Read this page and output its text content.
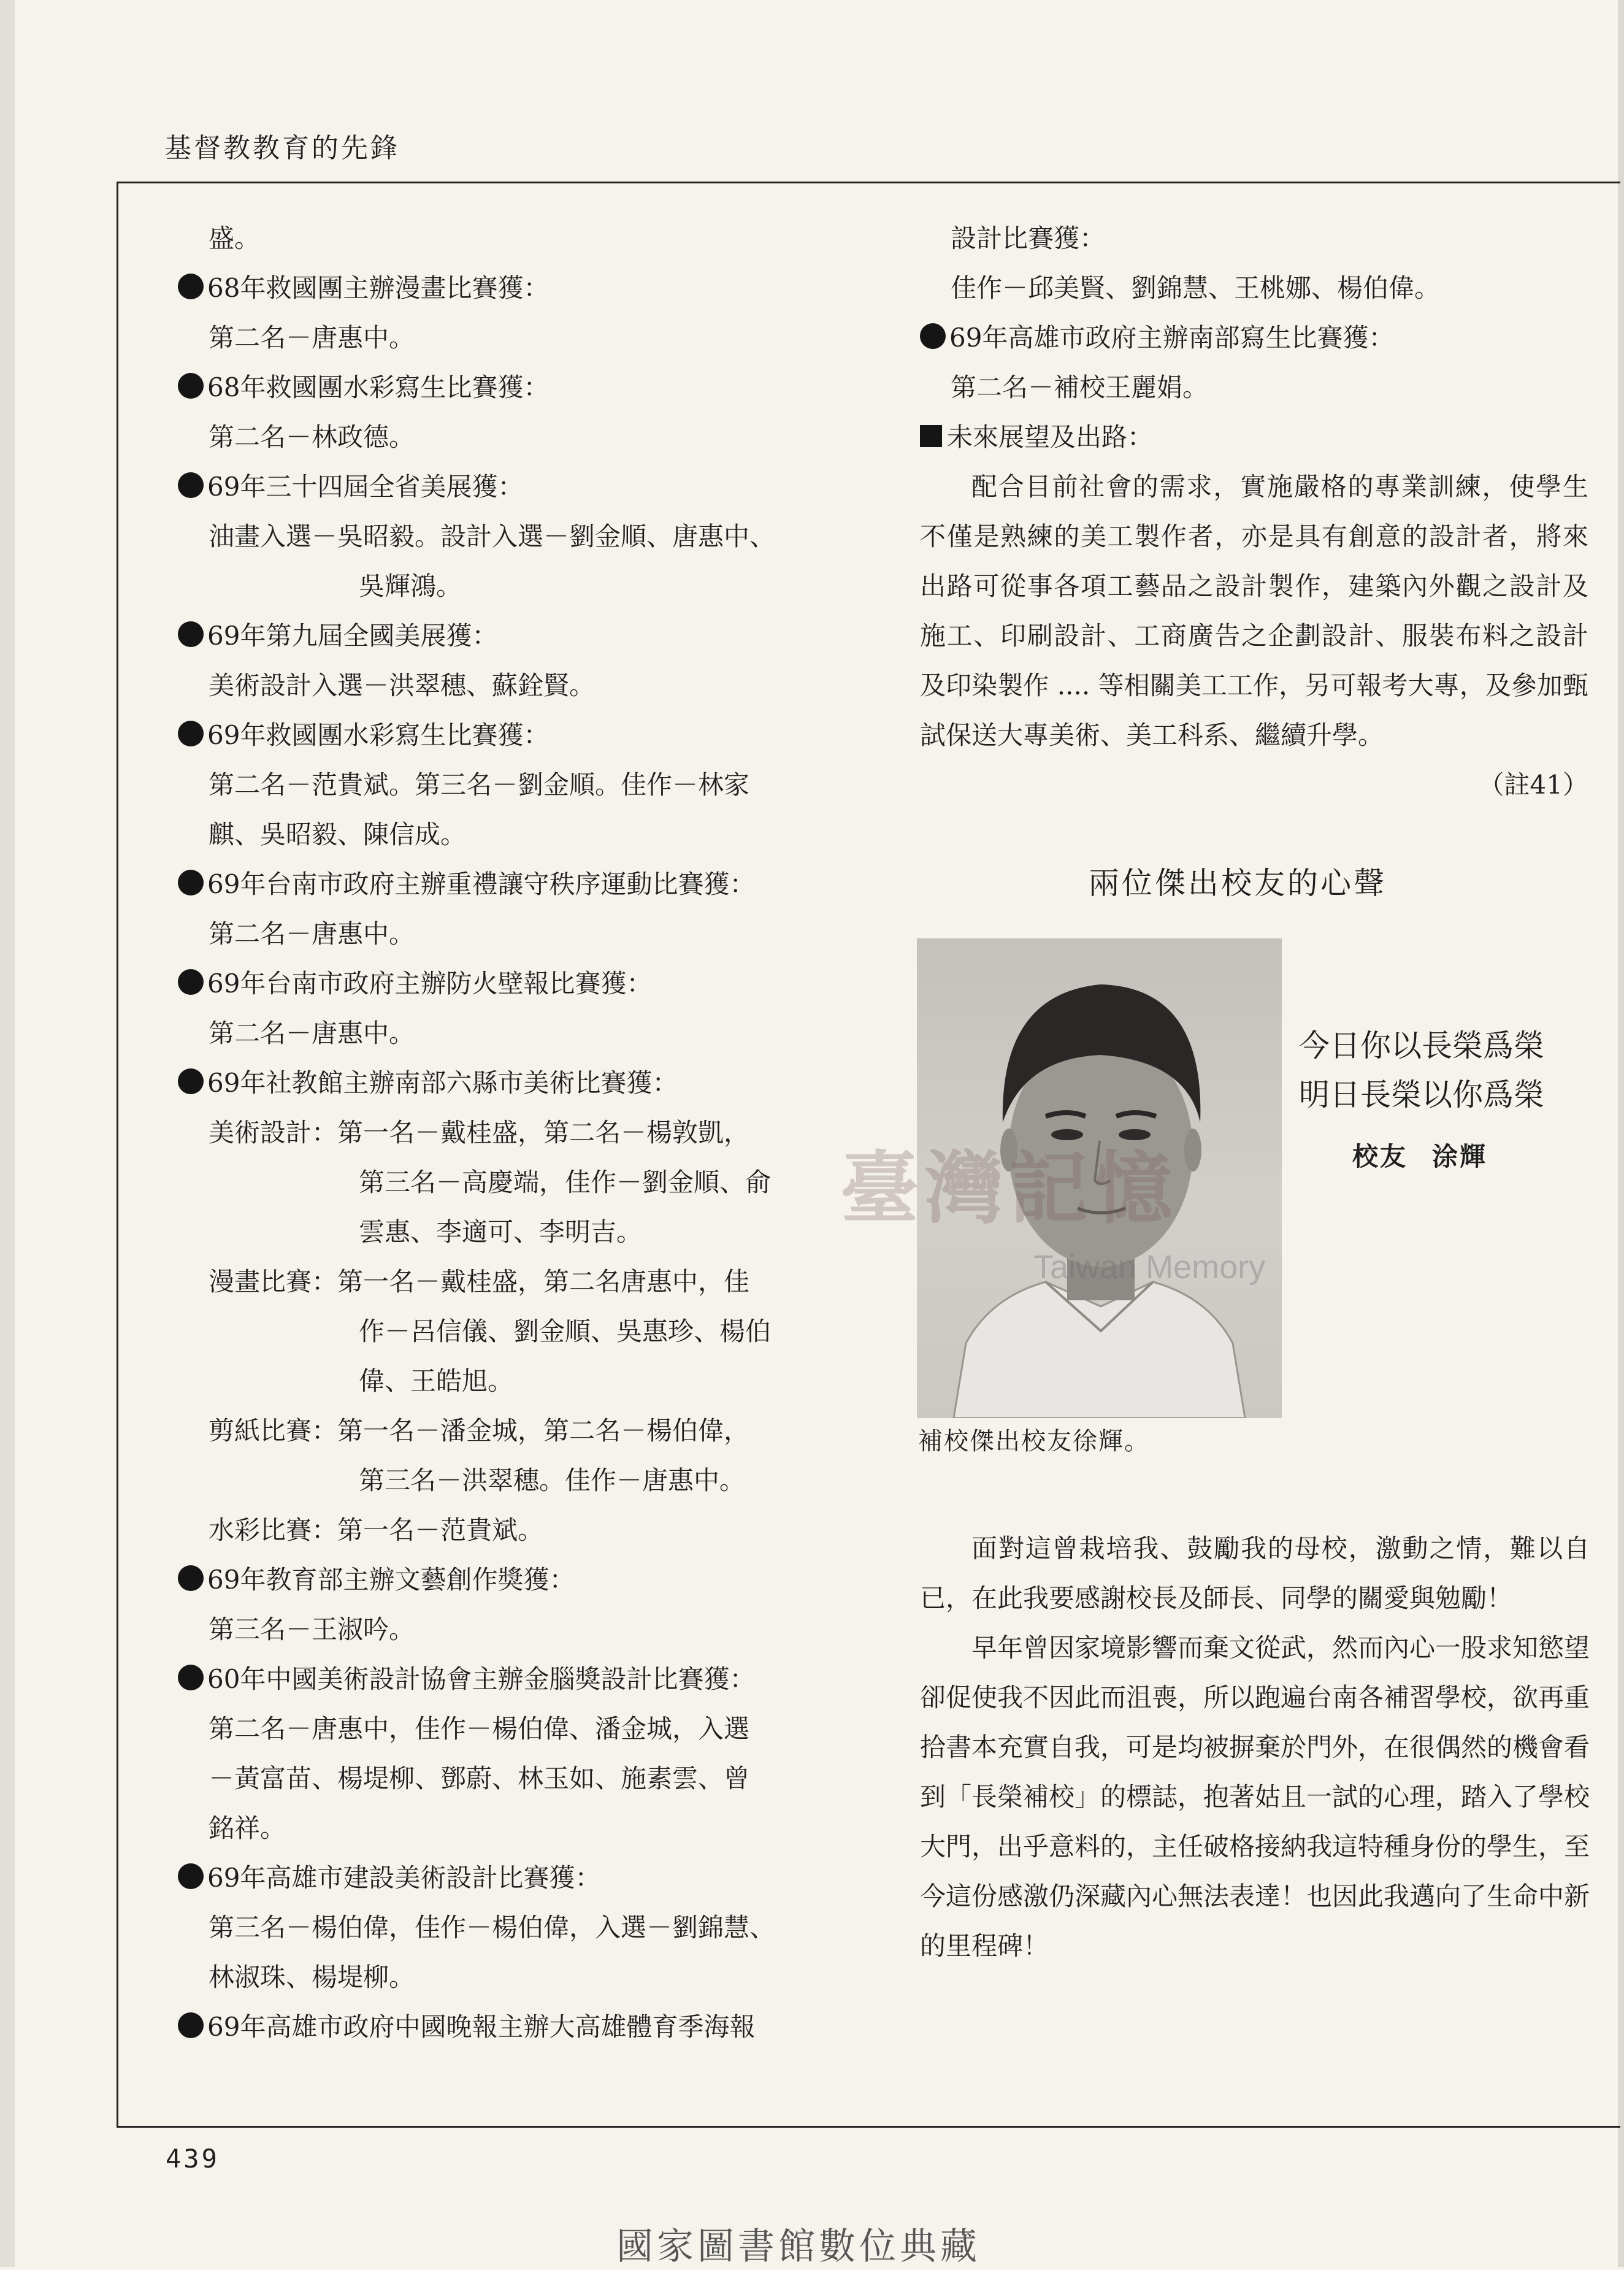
基督教教育的先鋒
盛。
68年救國團主辦漫畫比賽獲：
第二名－唐惠中。
68年救國團水彩寫生比賽獲：
第二名－林政德。
69年三十四屆全省美展獲：
油畫入選－吳昭毅。設計入選－劉金順、唐惠中、
吳輝鴻。
69年第九屆全國美展獲：
美術設計入選－洪翠穗、蘇銓賢。
69年救國團水彩寫生比賽獲：
第二名－范貴斌。第三名－劉金順。佳作－林家
麒、吳昭毅、陳信成。
69年台南市政府主辦重禮讓守秩序運動比賽獲：
第二名－唐惠中。
69年台南市政府主辦防火壁報比賽獲：
第二名－唐惠中。
69年社教館主辦南部六縣市美術比賽獲：
美術設計：第一名－戴桂盛，第二名－楊敦凱，
第三名－高慶端，佳作－劉金順、俞
雲惠、李適可、李明吉。
漫畫比賽：第一名－戴桂盛，第二名唐惠中，佳
作－呂信儀、劉金順、吳惠珍、楊伯
偉、王皓旭。
剪紙比賽：第一名－潘金城，第二名－楊伯偉，
第三名－洪翠穗。佳作－唐惠中。
水彩比賽：第一名－范貴斌。
69年教育部主辦文藝創作獎獲：
第三名－王淑吟。
60年中國美術設計協會主辦金腦獎設計比賽獲：
第二名－唐惠中，佳作－楊伯偉、潘金城，入選
－黃富苗、楊堤柳、鄧蔚、林玉如、施素雲、曾
銘祥。
69年高雄市建設美術設計比賽獲：
第三名－楊伯偉，佳作－楊伯偉，入選－劉錦慧、
林淑珠、楊堤柳。
69年高雄市政府中國晚報主辦大高雄體育季海報
設計比賽獲：
佳作－邱美賢、劉錦慧、王桃娜、楊伯偉。
69年高雄市政府主辦南部寫生比賽獲：
第二名－補校王麗娟。
未來展望及出路：
配合目前社會的需求，實施嚴格的專業訓練，使學生不僅是熟練的美工製作者，亦是具有創意的設計者，將來出路可從事各項工藝品之設計製作，建築內外觀之設計及施工、印刷設計、工商廣告之企劃設計、服裝布料之設計及印染製作 .... 等相關美工工作，另可報考大專，及參加甄試保送大專美術、美工科系、繼續升學。
（註41）
兩位傑出校友的心聲
補校傑出校友徐輝。
今日你以長榮爲榮
明日長榮以你爲榮
校友 涂輝
面對這曾栽培我、鼓勵我的母校，激動之情，難以自已，在此我要感謝校長及師長、同學的關愛與勉勵！
早年曾因家境影響而棄文從武，然而內心一股求知慾望卻促使我不因此而沮喪，所以跑遍台南各補習學校，欲再重拾書本充實自我，可是均被摒棄於門外，在很偶然的機會看到「長榮補校」的標誌，抱著姑且一試的心理，踏入了學校大門，出乎意料的，主任破格接納我這特種身份的學生，至今這份感激仍深藏內心無法表達！也因此我邁向了生命中新的里程碑！
臺灣記憶
Taiwan Memory
439
國家圖書館數位典藏
